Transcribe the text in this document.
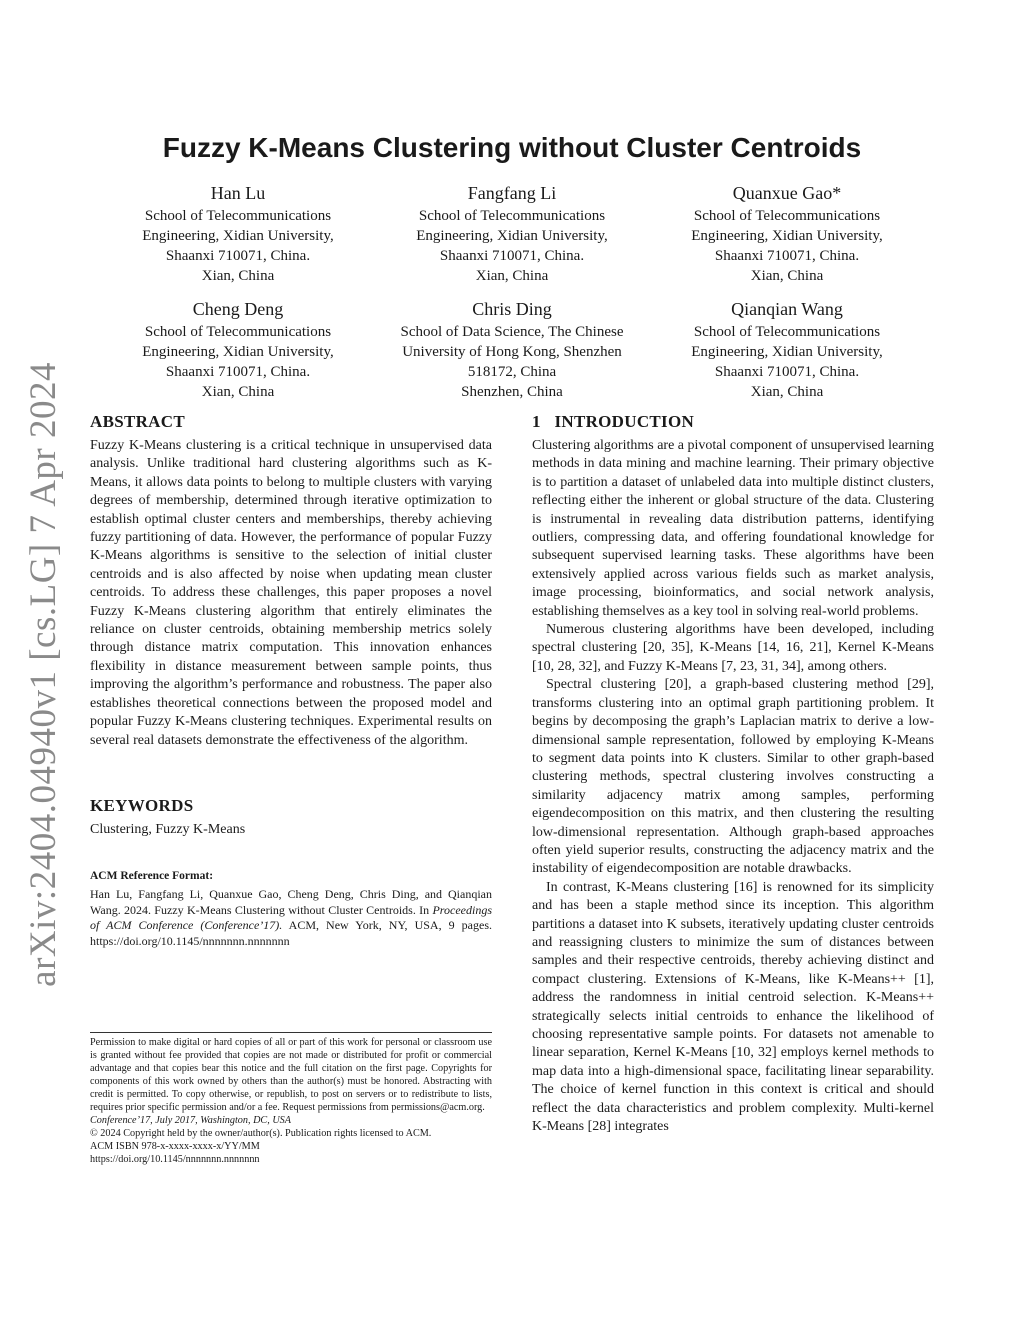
arXiv:2404.04940v1 [cs.LG] 7 Apr 2024
Fuzzy K-Means Clustering without Cluster Centroids
Han Lu
School of Telecommunications
Engineering, Xidian University,
Shaanxi 710071, China.
Xian, China
Fangfang Li
School of Telecommunications
Engineering, Xidian University,
Shaanxi 710071, China.
Xian, China
Quanxue Gao*
School of Telecommunications
Engineering, Xidian University,
Shaanxi 710071, China.
Xian, China
Cheng Deng
School of Telecommunications
Engineering, Xidian University,
Shaanxi 710071, China.
Xian, China
Chris Ding
School of Data Science, The Chinese
University of Hong Kong, Shenzhen
518172, China
Shenzhen, China
Qianqian Wang
School of Telecommunications
Engineering, Xidian University,
Shaanxi 710071, China.
Xian, China
ABSTRACT

Fuzzy K-Means clustering is a critical technique in unsupervised data analysis. Unlike traditional hard clustering algorithms such as K-Means, it allows data points to belong to multiple clusters with varying degrees of membership, determined through iterative optimization to establish optimal cluster centers and memberships, thereby achieving fuzzy partitioning of data. However, the performance of popular Fuzzy K-Means algorithms is sensitive to the selection of initial cluster centroids and is also affected by noise when updating mean cluster centroids. To address these challenges, this paper proposes a novel Fuzzy K-Means clustering algorithm that entirely eliminates the reliance on cluster centroids, obtaining membership metrics solely through distance matrix computation. This innovation enhances flexibility in distance measurement between sample points, thus improving the algorithm’s performance and robustness. The paper also establishes theoretical connections between the proposed model and popular Fuzzy K-Means clustering techniques. Experimental results on several real datasets demonstrate the effectiveness of the algorithm.

KEYWORDS

Clustering, Fuzzy K-Means

ACM Reference Format:
Han Lu, Fangfang Li, Quanxue Gao, Cheng Deng, Chris Ding, and Qianqian Wang. 2024. Fuzzy K-Means Clustering without Cluster Centroids. In Proceedings of ACM Conference (Conference’17). ACM, New York, NY, USA, 9 pages. https://doi.org/10.1145/nnnnnnn.nnnnnnn
Permission to make digital or hard copies of all or part of this work for personal or classroom use is granted without fee provided that copies are not made or distributed for profit or commercial advantage and that copies bear this notice and the full citation on the first page. Copyrights for components of this work owned by others than the author(s) must be honored. Abstracting with credit is permitted. To copy otherwise, or republish, to post on servers or to redistribute to lists, requires prior specific permission and/or a fee. Request permissions from permissions@acm.org.
Conference’17, July 2017, Washington, DC, USA
© 2024 Copyright held by the owner/author(s). Publication rights licensed to ACM.
ACM ISBN 978-x-xxxx-xxxx-x/YY/MM
https://doi.org/10.1145/nnnnnnn.nnnnnnn
1   INTRODUCTION

Clustering algorithms are a pivotal component of unsupervised learning methods in data mining and machine learning. Their primary objective is to partition a dataset of unlabeled data into multiple distinct clusters, reflecting either the inherent or global structure of the data. Clustering is instrumental in revealing data distribution patterns, identifying outliers, compressing data, and offering foundational knowledge for subsequent supervised learning tasks. These algorithms have been extensively applied across various fields such as market analysis, image processing, bioinformatics, and social network analysis, establishing themselves as a key tool in solving real-world problems.

Numerous clustering algorithms have been developed, including spectral clustering [20, 35], K-Means [14, 16, 21], Kernel K-Means [10, 28, 32], and Fuzzy K-Means [7, 23, 31, 34], among others.

Spectral clustering [20], a graph-based clustering method [29], transforms clustering into an optimal graph partitioning problem. It begins by decomposing the graph’s Laplacian matrix to derive a low-dimensional sample representation, followed by employing K-Means to segment data points into K clusters. Similar to other graph-based clustering methods, spectral clustering involves constructing a similarity adjacency matrix among samples, performing eigendecomposition on this matrix, and then clustering the resulting low-dimensional representation. Although graph-based approaches often yield superior results, constructing the adjacency matrix and the instability of eigendecomposition are notable drawbacks.

In contrast, K-Means clustering [16] is renowned for its simplicity and has been a staple method since its inception. This algorithm partitions a dataset into K subsets, iteratively updating cluster centroids and reassigning clusters to minimize the sum of distances between samples and their respective centroids, thereby achieving distinct and compact clustering. Extensions of K-Means, like K-Means++ [1], address the randomness in initial centroid selection. K-Means++ strategically selects initial centroids to enhance the likelihood of choosing representative sample points. For datasets not amenable to linear separation, Kernel K-Means [10, 32] employs kernel methods to map data into a high-dimensional space, facilitating linear separability. The choice of kernel function in this context is critical and should reflect the data characteristics and problem complexity. Multi-kernel K-Means [28] integrates
